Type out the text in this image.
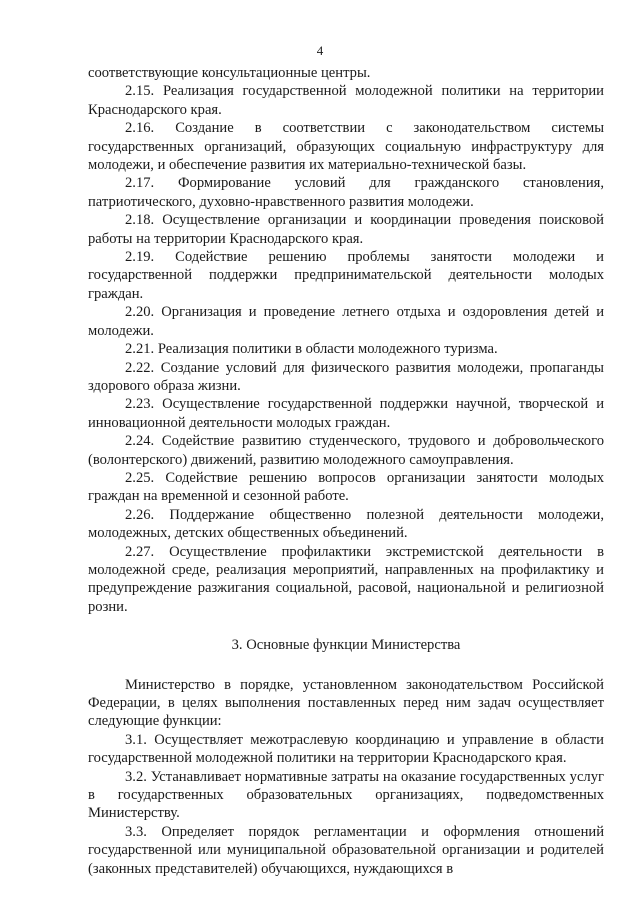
4

соответствующие консультационные центры.

2.15. Реализация государственной молодежной политики на территории Краснодарского края.

2.16. Создание в соответствии с законодательством системы государственных организаций, образующих социальную инфраструктуру для молодежи, и обеспечение развития их материально-технической базы.

2.17. Формирование условий для гражданского становления, патриотического, духовно-нравственного развития молодежи.

2.18. Осуществление организации и координации проведения поисковой работы на территории Краснодарского края.

2.19. Содействие решению проблемы занятости молодежи и государственной поддержки предпринимательской деятельности молодых граждан.

2.20. Организация и проведение летнего отдыха и оздоровления детей и молодежи.

2.21. Реализация политики в области молодежного туризма.

2.22. Создание условий для физического развития молодежи, пропаганды здорового образа жизни.

2.23. Осуществление государственной поддержки научной, творческой и инновационной деятельности молодых граждан.

2.24. Содействие развитию студенческого, трудового и добровольческого (волонтерского) движений, развитию молодежного самоуправления.

2.25. Содействие решению вопросов организации занятости молодых граждан на временной и сезонной работе.

2.26. Поддержание общественно полезной деятельности молодежи, молодежных, детских общественных объединений.

2.27. Осуществление профилактики экстремистской деятельности в молодежной среде, реализация мероприятий, направленных на профилактику и предупреждение разжигания социальной, расовой, национальной и религиозной розни.

3. Основные функции Министерства

Министерство в порядке, установленном законодательством Российской Федерации, в целях выполнения поставленных перед ним задач осуществляет следующие функции:

3.1. Осуществляет межотраслевую координацию и управление в области государственной молодежной политики на территории Краснодарского края.

3.2. Устанавливает нормативные затраты на оказание государственных услуг в государственных образовательных организациях, подведомственных Министерству.

3.3. Определяет порядок регламентации и оформления отношений государственной или муниципальной образовательной организации и родителей (законных представителей) обучающихся, нуждающихся в
